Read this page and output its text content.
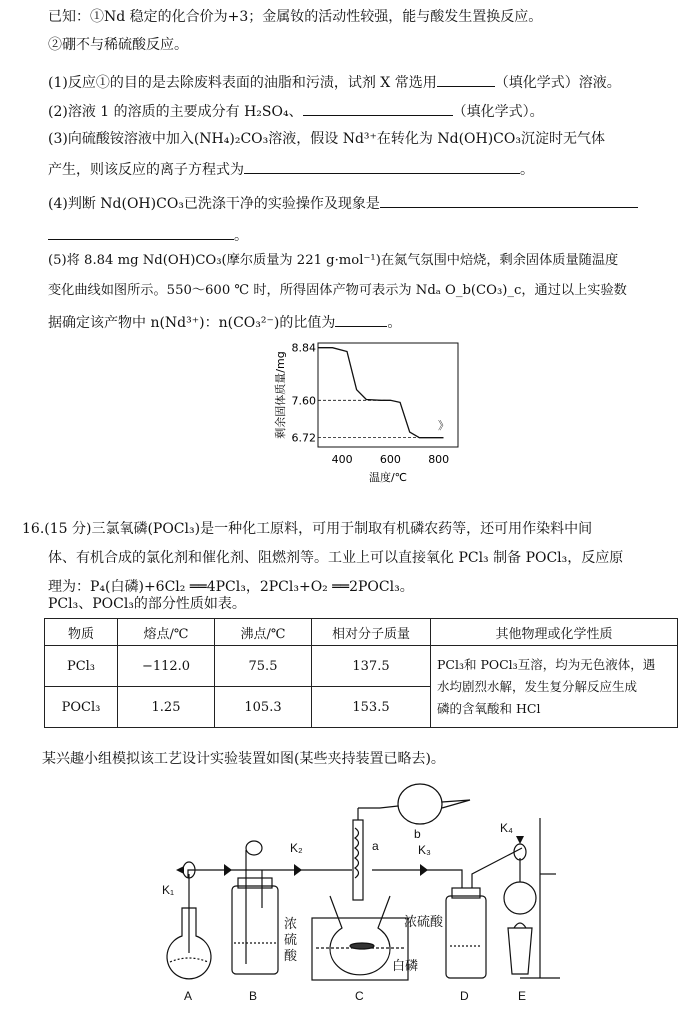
已知：①Nd 稳定的化合价为+3；金属钕的活动性较强，能与酸发生置换反应。
②硼不与稀硫酸反应。
(1)反应①的目的是去除废料表面的油脂和污渍，试剂 X 常选用	（填化学式）溶液。
(2)溶液 1 的溶质的主要成分有 H₂SO₄、	（填化学式）。
(3)向硫酸铵溶液中加入(NH₄)₂CO₃溶液，假设 Nd³⁺在转化为 Nd(OH)CO₃沉淀时无气体
产生，则该反应的离子方程式为	。
(4)判断 Nd(OH)CO₃已洗涤干净的实验操作及现象是
。
(5)将 8.84 mg Nd(OH)CO₃(摩尔质量为 221 g·mol⁻¹)在氮气氛围中焙烧，剩余固体质量随温度
变化曲线如图所示。550～600 ℃ 时，所得固体产物可表示为 Ndₐ O_b(CO₃)_c，通过以上实验数
据确定该产物中 n(Nd³⁺)：n(CO₃²⁻)的比值为	。
剩余固体质量/mg
8.84
7.60
6.72
400 600 800
温度/℃
》
16.(15 分)三氯氧磷(POCl₃)是一种化工原料，可用于制取有机磷农药等，还可用作染料中间
体、有机合成的氯化剂和催化剂、阻燃剂等。工业上可以直接氧化 PCl₃ 制备 POCl₃，反应原
理为：P₄(白磷)+6Cl₂ ══4PCl₃，2PCl₃+O₂ ══2POCl₃。
PCl₃、POCl₃的部分性质如表。
物质	熔点/℃	沸点/℃	相对分子质量	其他物理或化学性质
PCl₃	−112.0	75.5	137.5	PCl₃和 POCl₃互溶，均为无色液体，遇
水均剧烈水解，发生复分解反应生成
磷的含氧酸和 HCl

POCl₃	1.25	105.3	153.5	
某兴趣小组模拟该工艺设计实验装置如图(某些夹持装置已略去)。
A	B	C	D	E
K₁
K₂	K₃
K₄
a
b
浓
硫
酸
浓硫酸
白磷
